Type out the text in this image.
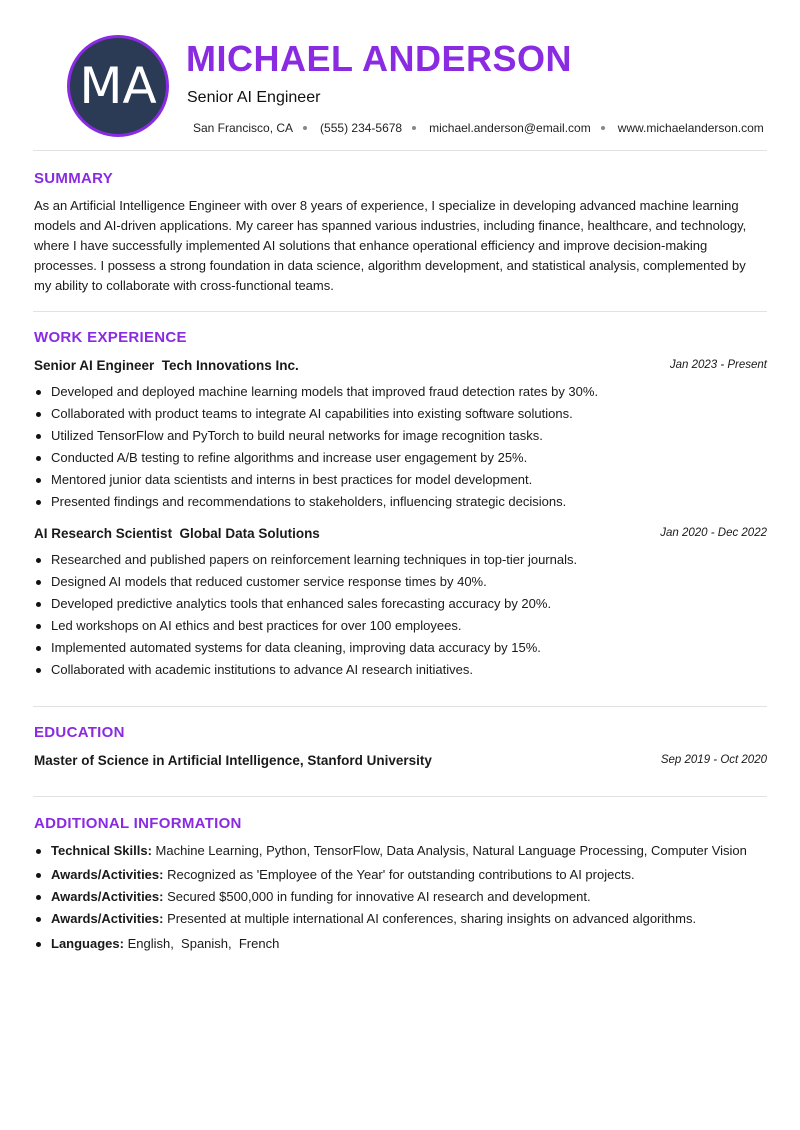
MA MICHAEL ANDERSON
Senior AI Engineer
San Francisco, CA (555) 234-5678 michael.anderson@email.com www.michaelanderson.com
SUMMARY
As an Artificial Intelligence Engineer with over 8 years of experience, I specialize in developing advanced machine learning models and AI-driven applications. My career has spanned various industries, including finance, healthcare, and technology, where I have successfully implemented AI solutions that enhance operational efficiency and improve decision-making processes. I possess a strong foundation in data science, algorithm development, and statistical analysis, complemented by my ability to collaborate with cross-functional teams.
WORK EXPERIENCE
Senior AI Engineer  Tech Innovations Inc.	Jan 2023 - Present
Developed and deployed machine learning models that improved fraud detection rates by 30%.
Collaborated with product teams to integrate AI capabilities into existing software solutions.
Utilized TensorFlow and PyTorch to build neural networks for image recognition tasks.
Conducted A/B testing to refine algorithms and increase user engagement by 25%.
Mentored junior data scientists and interns in best practices for model development.
Presented findings and recommendations to stakeholders, influencing strategic decisions.
AI Research Scientist  Global Data Solutions	Jan 2020 - Dec 2022
Researched and published papers on reinforcement learning techniques in top-tier journals.
Designed AI models that reduced customer service response times by 40%.
Developed predictive analytics tools that enhanced sales forecasting accuracy by 20%.
Led workshops on AI ethics and best practices for over 100 employees.
Implemented automated systems for data cleaning, improving data accuracy by 15%.
Collaborated with academic institutions to advance AI research initiatives.
EDUCATION
Master of Science in Artificial Intelligence, Stanford University	Sep 2019 - Oct 2020
ADDITIONAL INFORMATION
Technical Skills: Machine Learning, Python, TensorFlow, Data Analysis, Natural Language Processing, Computer Vision
Awards/Activities: Recognized as 'Employee of the Year' for outstanding contributions to AI projects.
Awards/Activities: Secured $500,000 in funding for innovative AI research and development.
Awards/Activities: Presented at multiple international AI conferences, sharing insights on advanced algorithms.
Languages: English,  Spanish,  French
